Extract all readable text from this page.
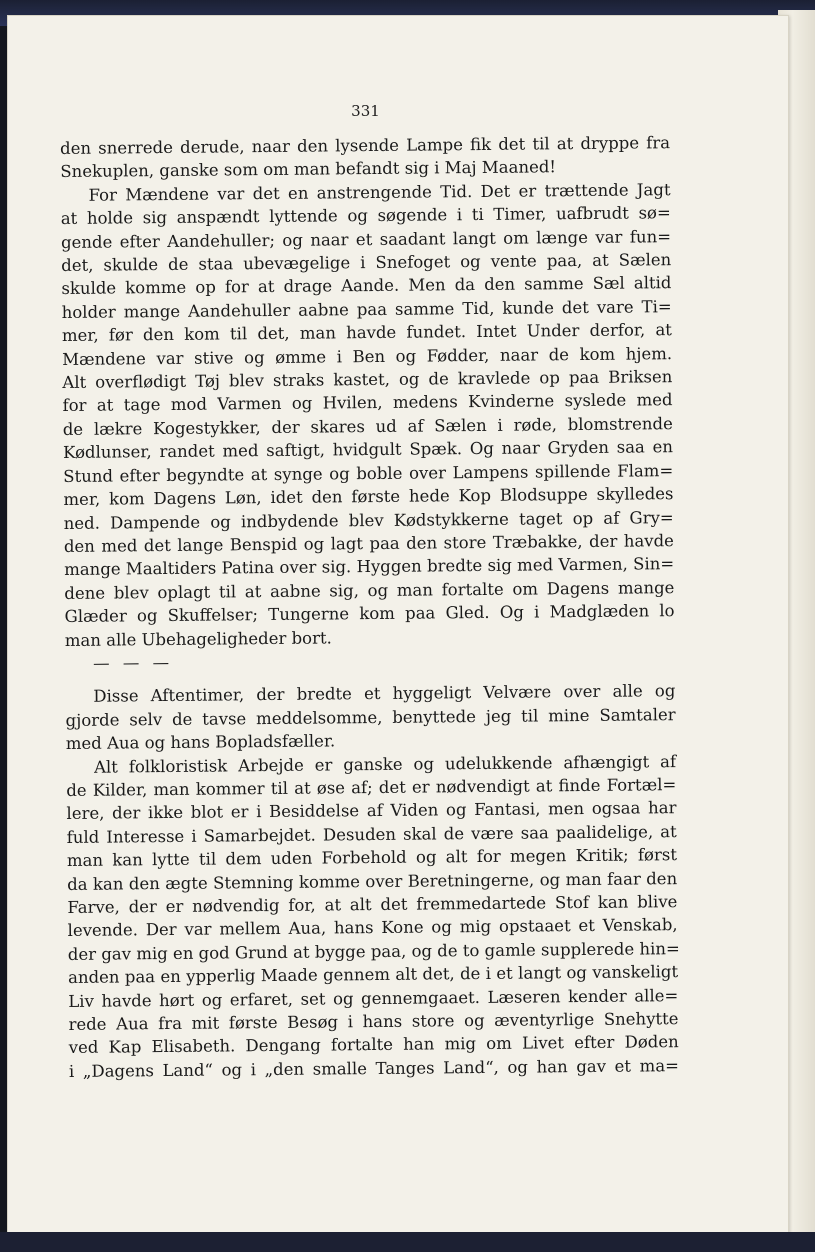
331
den snerrede derude, naar den lysende Lampe fik det til at dryppe fra
Snekuplen, ganske som om man befandt sig i Maj Maaned!
For Mændene var det en anstrengende Tid. Det er trættende Jagt
at holde sig anspændt lyttende og søgende i ti Timer, uafbrudt sø=
gende efter Aandehuller; og naar et saadant langt om længe var fun=
det, skulde de staa ubevægelige i Snefoget og vente paa, at Sælen
skulde komme op for at drage Aande. Men da den samme Sæl altid
holder mange Aandehuller aabne paa samme Tid, kunde det vare Ti=
mer, før den kom til det, man havde fundet. Intet Under derfor, at
Mændene var stive og ømme i Ben og Fødder, naar de kom hjem.
Alt overflødigt Tøj blev straks kastet, og de kravlede op paa Briksen
for at tage mod Varmen og Hvilen, medens Kvinderne syslede med
de lækre Kogestykker, der skares ud af Sælen i røde, blomstrende
Kødlunser, randet med saftigt, hvidgult Spæk. Og naar Gryden saa en
Stund efter begyndte at synge og boble over Lampens spillende Flam=
mer, kom Dagens Løn, idet den første hede Kop Blodsuppe skylledes
ned. Dampende og indbydende blev Kødstykkerne taget op af Gry=
den med det lange Benspid og lagt paa den store Træbakke, der havde
mange Maaltiders Patina over sig. Hyggen bredte sig med Varmen, Sin=
dene blev oplagt til at aabne sig, og man fortalte om Dagens mange
Glæder og Skuffelser; Tungerne kom paa Gled. Og i Madglæden lo
man alle Ubehageligheder bort.
— — —
Disse Aftentimer, der bredte et hyggeligt Velvære over alle og
gjorde selv de tavse meddelsomme, benyttede jeg til mine Samtaler
med Aua og hans Bopladsfæller.
Alt folkloristisk Arbejde er ganske og udelukkende afhængigt af
de Kilder, man kommer til at øse af; det er nødvendigt at finde Fortæl=
lere, der ikke blot er i Besiddelse af Viden og Fantasi, men ogsaa har
fuld Interesse i Samarbejdet. Desuden skal de være saa paalidelige, at
man kan lytte til dem uden Forbehold og alt for megen Kritik; først
da kan den ægte Stemning komme over Beretningerne, og man faar den
Farve, der er nødvendig for, at alt det fremmedartede Stof kan blive
levende. Der var mellem Aua, hans Kone og mig opstaaet et Venskab,
der gav mig en god Grund at bygge paa, og de to gamle supplerede hin=
anden paa en ypperlig Maade gennem alt det, de i et langt og vanskeligt
Liv havde hørt og erfaret, set og gennemgaaet. Læseren kender alle=
rede Aua fra mit første Besøg i hans store og æventyrlige Snehytte
ved Kap Elisabeth. Dengang fortalte han mig om Livet efter Døden
i „Dagens Land“ og i „den smalle Tanges Land“, og han gav et ma=
